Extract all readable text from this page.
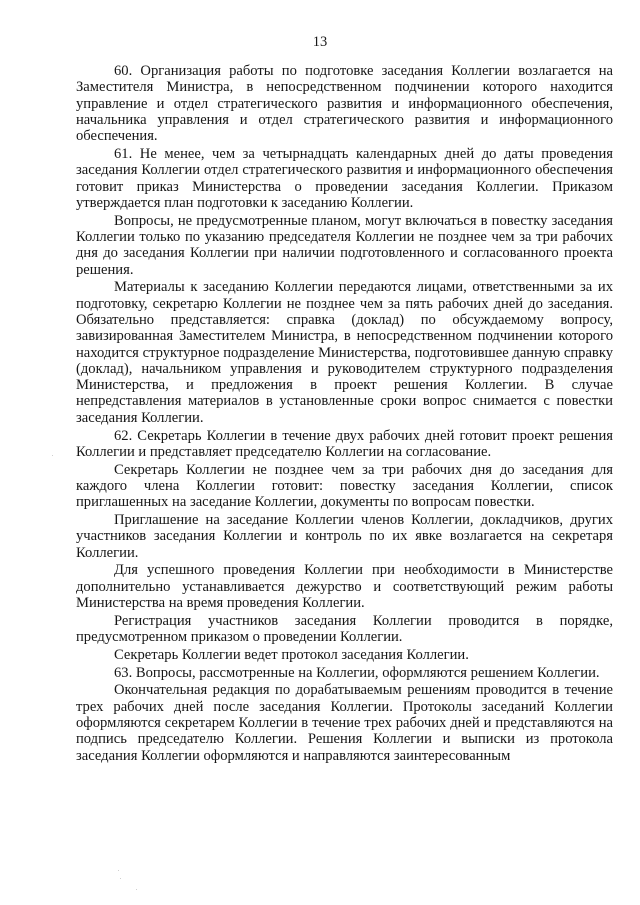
13

60. Организация работы по подготовке заседания Коллегии возлагается на Заместителя Министра, в непосредственном подчинении которого находится управление и отдел стратегического развития и информационного обеспечения, начальника управления и отдел стратегического развития и информационного обеспечения.

61. Не менее, чем за четырнадцать календарных дней до даты проведения заседания Коллегии отдел стратегического развития и информационного обеспечения готовит приказ Министерства о проведении заседания Коллегии. Приказом утверждается план подготовки к заседанию Коллегии.

Вопросы, не предусмотренные планом, могут включаться в повестку заседания Коллегии только по указанию председателя Коллегии не позднее чем за три рабочих дня до заседания Коллегии при наличии подготовленного и согласованного проекта решения.

Материалы к заседанию Коллегии передаются лицами, ответственными за их подготовку, секретарю Коллегии не позднее чем за пять рабочих дней до заседания. Обязательно представляется: справка (доклад) по обсуждаемому вопросу, завизированная Заместителем Министра, в непосредственном подчинении которого находится структурное подразделение Министерства, подготовившее данную справку (доклад), начальником управления и руководителем структурного подразделения Министерства, и предложения в проект решения Коллегии. В случае непредставления материалов в установленные сроки вопрос снимается с повестки заседания Коллегии.

62. Секретарь Коллегии в течение двух рабочих дней готовит проект решения Коллегии и представляет председателю Коллегии на согласование.

Секретарь Коллегии не позднее чем за три рабочих дня до заседания для каждого члена Коллегии готовит: повестку заседания Коллегии, список приглашенных на заседание Коллегии, документы по вопросам повестки.

Приглашение на заседание Коллегии членов Коллегии, докладчиков, других участников заседания Коллегии и контроль по их явке возлагается на секретаря Коллегии.

Для успешного проведения Коллегии при необходимости в Министерстве дополнительно устанавливается дежурство и соответствующий режим работы Министерства на время проведения Коллегии.

Регистрация участников заседания Коллегии проводится в порядке, предусмотренном приказом о проведении Коллегии.

Секретарь Коллегии ведет протокол заседания Коллегии.

63. Вопросы, рассмотренные на Коллегии, оформляются решением Коллегии.

Окончательная редакция по дорабатываемым решениям проводится в течение трех рабочих дней после заседания Коллегии. Протоколы заседаний Коллегии оформляются секретарем Коллегии в течение трех рабочих дней и представляются на подпись председателю Коллегии. Решения Коллегии и выписки из протокола заседания Коллегии оформляются и направляются заинтересованным
